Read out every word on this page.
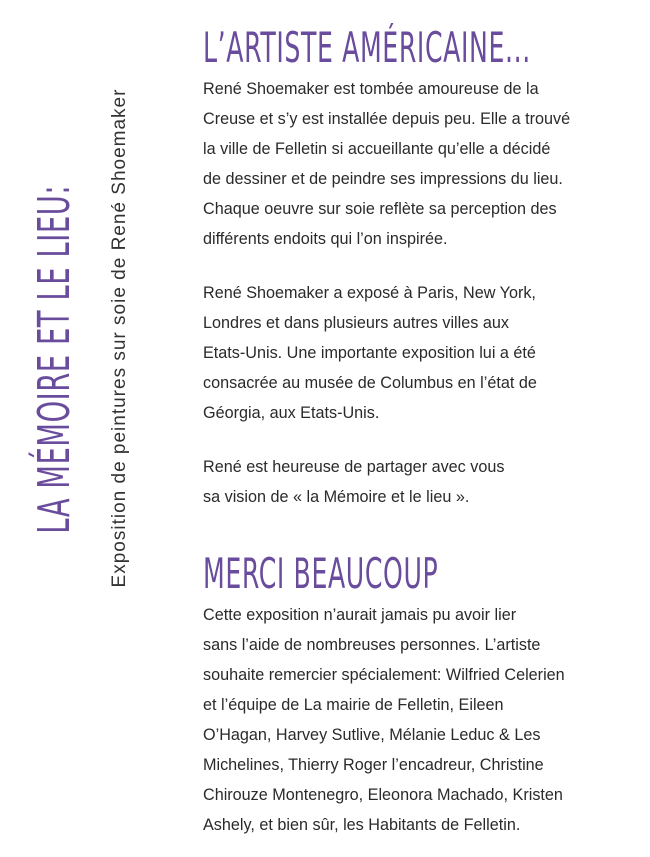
LA MÉMOIRE ET LE LIEU: Exposition de peintures sur soie de René Shoemaker
L’ARTISTE AMÉRICAINE...

René Shoemaker est tombée amoureuse de la
Creuse et s’y est installée depuis peu. Elle a trouvé
la ville de Felletin si accueillante qu’elle a décidé
de dessiner et de peindre ses impressions du lieu.
Chaque oeuvre sur soie reflète sa perception des
différents endoits qui l’on inspirée.

René Shoemaker a exposé à Paris, New York,
Londres et dans plusieurs autres villes aux
Etats-Unis. Une importante exposition lui a été
consacrée au musée de Columbus en l’état de
Géorgia, aux Etats-Unis.

René est heureuse de partager avec vous
sa vision de « la Mémoire et le lieu ».

MERCI BEAUCOUP

Cette exposition n’aurait jamais pu avoir lier
sans l’aide de nombreuses personnes. L’artiste
souhaite remercier spécialement: Wilfried Celerien
et l’équipe de La mairie de Felletin, Eileen
O’Hagan, Harvey Sutlive, Mélanie Leduc & Les
Michelines, Thierry Roger l’encadreur, Christine
Chirouze Montenegro, Eleonora Machado, Kristen
Ashely, et bien sûr, les Habitants de Felletin.
